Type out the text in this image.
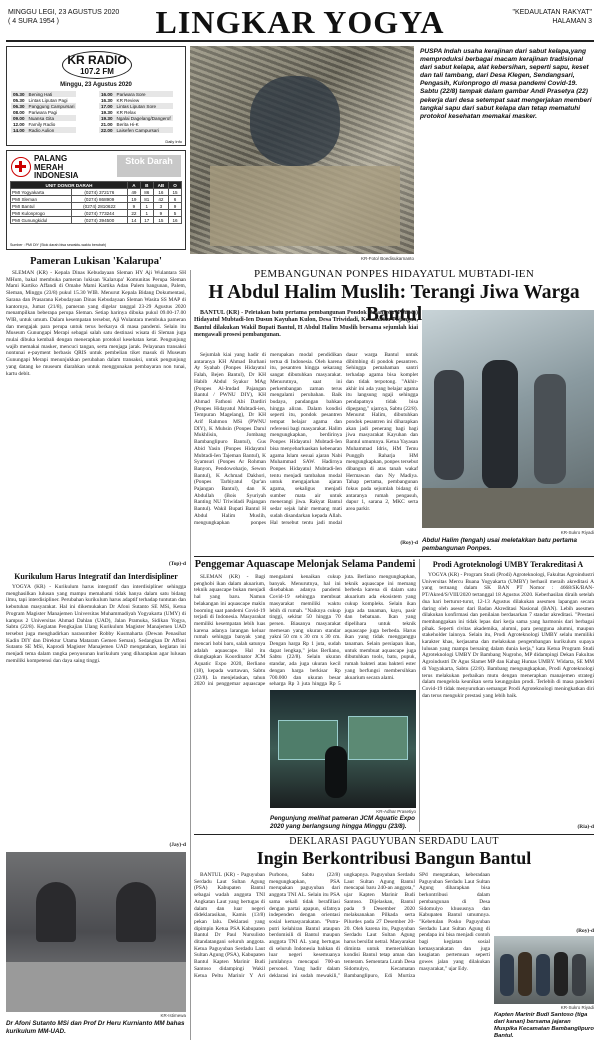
MINGGU LEGI, 23 AGUSTUS 2020
( 4 SURA 1954 )	LINGKAR YOGYA	"KEDAULATAN RAKYAT"
HALAMAN 3
KR RADIO
107.2 FM
Minggu, 23 Agustus 2020
05.30	Bening Hati
05.30	Lintas Liputan Pagi
06.30	Panggung Campursari
08.00	Pariwara Pagi
09.00	Nuansa Gita
12.00	Family Radio
14.00	Radio Aulion
16.00	Pariwara Sore
16.30	KR Review
17.00	Lintas Liputan Sore
19.30	KR Relax
19.30	Ngalai Dagelang/Dangerof
21.00	Berita Hi-K
22.00	Laisefen Campursari
Daily Info
PALANG
MERAH
INDONESIA
Stok Darah
UNIT DONOR DARAH		A	B	AB	O
PMI Yogyakarta	(0274) 372176	49	86	16	15
PMI Sleman	(0274) 868909	19	81	42	6
PMI Bantul	(0274) 2810622	9	1	3	9
PMI Kulonprogo	(0274) 773244	22	1	9	5
PMI Gunungkidul	(0274) 394500	14	17	15	16
Sumber : PMI DIY (Stok darah bisa sewaktu-waktu berubah)
KR-Foto/ Boedisukarnanto
PUSPA Indah usaha kerajinan dari sabut kelapa,yang memproduksi berbagai macam kerajinan tradisional dari sabut kelapa, alat kebersihan, seperti sapu, keset dan tali tambang, dari Desa Klegen, Sendangsari, Pengasih, Kulonprogo di masa pandemi Covid-19. Sabtu (22/8) tampak dalam gambar Andi Prasetya (22) pekerja dari desa setempat saat mengerjakan memberi tangkai sapu dari sabut kelapa dan tetap mematuhi protokol kesehatan memakai masker.
Pameran Lukisan 'Kalarupa'

SLEMAN (KR) - Kepala Dinas Kebudayaan Sleman HY Aji Wulantara SH MHum, bakal membuka pameran lukisan 'Kalarupa' Komunitas Perupa Sleman Mami Kartiko Affandi di Omahe Mami Kartika Adan Palem bangunan, Palem, Sleman, Minggu (23/8) pukul 15.30 WIB. Menurut Kepala Bidang Dokumentasi, Sarana dan Prasarana Kebudayaan Dinas Kebudayaan Sleman Wasita SS MAP di kantornya, Jumat (21/8), pameran yang digelar tanggal 23-29 Agustus 2020 menampilkan beberapa perupa Sleman. Setiap harinya dibuka pukul 09.00-17.00 WIB, untuk umum. Dalam kesempatan tersebut, Aji Wulantara membuka pameran dan mengajak para perupa untuk terus berkarya di masa pandemi. Selain itu Museum Gunungapi Merapi sebagai salah satu destinasi wisata di Sleman juga mulai dibuka kembali dengan menerapkan protokol kesehatan ketat. Pengunjung wajib memakai masker, mencuci tangan, serta menjaga jarak. Pelayanan transaksi nontunai e-payment berbasis QRIS untuk pembelian tiket masuk di Museum Gunungapi Merapi menunjukkan perubahan dalam transaksi, untuk pengunjung yang datang ke museum diarahkan untuk menggunakan pembayaran non tunai, kartu debit.

(Top)-d
Kurikulum Harus Integratif dan Interdisipliner

YOGYA (KR) - Kurikulum harus integratif dan interdisipliner sehingga menghasilkan lulusan yang mampu memahami tidak hanya dalam satu bidang ilmu, tapi interdisipliner. Perubahan kurikulum harus adaptif terhadap tuntutan dan kebutuhan masyarakat. Hal ini dikemukakan Dr Afoni Sutanto SE MSi, Ketua Program Magister Manajemen Universitas Muhammadiyah Yogyakarta (UMY) di kampus 2 Universitas Ahmad Dahlan (UAD), Jalan Pramuka, Sidikan Yogya, Sabtu (22/8). Kegiatan Pengkajian Ulang Kurikulum Magister Manajemen UAD tersebut juga menghadirkan narasumber Robby Kusmaharta (Dewan Penasihat Kadin DIY dan Direktur Utama Mataram Gemen Seman). Sedangkan Dr Affoni Sutanto SE MSi, Kaprodi Magister Manajemen UAD mengatakan, kegiatan ini menjadi tema dalam rangka penyusunan kurikulum yang diharapkan agar lulusan memiliki kompetensi dan daya saing tinggi.

(Jay)-d
KR-Istimewa
Dr Afoni Sutanto MSi dan Prof Dr Heru Kurnianto MM bahas kurikulum MM-UAD.
PEMBANGUNAN PONPES HIDAYATUL MUBTADI-IEN
H Abdul Halim Muslih: Terangi Jiwa Warga Bantul

BANTUL (KR) - Peletakan batu pertama pembangunan Pondok Pesantren (Ponpes) Hidayatul Mubtadi-Ien Dusun Kayuhan Kulon, Desa Triwidadi, Kecamatan Pajangan, Bantul dilakukan Wakil Bupati Bantul, H Abdul Halim Muslih bersama sejumlah kiai mengawali prosesi pembangunan.

Sejumlah kiai yang hadir di antaranya KH Ahmad Burhani Ay Syahab (Ponpes Hidayatul Falah, Bejen Bantul), Dr KH Habib Abdul Syakur MAg (Ponpes Al-Imdad Pajangan Bantul / PWNU DIY), KH Ahmad Fathoni Abi Dardiri (Ponpes Hidayatul Mubtadi-ien, Tempuran Magelang), Dr KH Arif Rahmon MSi (PWNU DIY), K Muhsin (Ponpes Darul Mukhlisin, Jombang Bambanglipuro Bantul), Gus Abid Yasin (Ponpes Hidayatul Mubtadi-Ien Tajeman Bantul), K Syamsuri (Ponpes Ar Rohman Banyon, Pendowoharjo, Sewon Bantul), K Achmad Dakhori, (Ponpes Tarbiyatul Qur'an Pajangan Bantul), dan K Abdullah (Bois Syuriyah Ranting NU Triwidadi Pajangan Bantul). Wakil Bupati Bantul H Abdul Halim Muslih, mengungkapkan ponpes merupakan modal pendidikan tertua di Indonesia. Oleh karena itu, pesantren hingga sekarang sangat dibutuhkan masyarakat. Menurutnya, saat ini perkembangan zaman terus mengalami perubahan. Baik budaya, pandangan bahkan hingga aliran. Dalam kondisi seperti itu, pondok pesantren tempat belajar agama dan referensi bagi masyarakat. Halim mengungkapkan, berdirinya Ponpes Hidayatul Mubtadi-Ien bisa menyebarluaskan kebenaran agama Islam sesuai ajaran Nabi Muhammad SAW. Hadirnya Ponpes Hidayatul Mubtadi-Ien tentu menjadi tambahan modal untuk mengajarkan ajaran agama, sekaligus menjadi sumber mata air untuk menerangi jiwa. Rakyat Bantul sedar sejak lahir memang mati sudah disandarkan kepada Allah. Hal tersebut tentu jadi modal dasar warga Bantul untuk dibimbing di pondok pesantren. Sehingga pemahaman santri terhadap agama bisa komplet dan tidak terpotong. "Akhir-akhir ini ada yang belajar agama itu langsung ngaji sehingga pendapatnya tidak bisa dipegang," ujarnya, Sabtu (22/8). Menurut Halim, dibutuhkan pondok pesantren ini diharapkan akan jadi penerang bagi bagi jiwa masyarakat Kayuhan dan Bantul umumnya. Ketua Yayasan Muhammad Idris, HM Temu Punggih Raharja HM mengungkapkan, ponpes tersebut dibangun di atas tanah wakaf Hermawan dan Ny Madiya. Tahap pertama, pembangunan fokus pada sejumlah bidang di antaranya rumah pengasuh, dapur 1, sarana 2, MKC serta area parkir.

(Roy)-d
KR-Sukro Riyadi
Abdul Halim (tengah) usai meletakkan batu pertama pembangunan Ponpes.
Penggemar Aquascape Melonjak Selama Pandemi

SLEMAN (KR) - Bagi penghobi ikan dalam akuarium, teknik aquascape bukan menjadi hal yang baru. Namun belakangan ini aquascape makin booming saat pandemi Covid-19 terjadi di Indonesia. Masyarakat memiliki kesempatan lebih luas karena adanya larangan keluar rumah sehingga banyak yang mencari hobi baru, salah satunya adalah aquascape. Hal itu diungkapkan Koordinator JCM Aquatic Expo 2020, Berliano (18), kepada wartawan, Sabtu (22/8). Ia menjelaskan, tahun 2020 ini penggemar aquascape mengalami kenaikan cukup banyak. Menurutnya, hal ini disebabkan adanya pandemi Covid-19 sehingga membuat masyarakat memiliki waktu lebih di rumah. "Naiknya cukup tinggi, sekitar 50 hingga 70 persen. Biasanya masyarakat memesan yang ukuran standar yakni 50 cm x 30 cm x 30 cm. Dengan harga Rp 1 juta, sudah dapat lengkap," jelas Berliano, Sabtu (22/8). Selain ukuran standar, ada juga ukuran kecil dengan harga berkisar Rp 700.000 dan ukuran besar seharga Rp 3 juta hingga Rp 5 juta. Berliano mengungkapkan, teknik aquascape ini memang berbeda karena di dalam satu akuarium ada ekosistem yang cukup kompleks. Selain ikan juga ada tanaman, kayu, pasir dan bebatuan. Ikan yang dipelihara untuk teknik aquascape juga berbeda. Harus ikan yang tidak mengganggu tanaman. Selain persiapan ikan, untuk membuat aquascape juga dibutuhkan tools, batu, pupuk, rumah bakteri atau bakteri ester yang berfungsi membersihkan akuarium secara alami.

KR-Adhar Prasetiyo
Pengunjung melihat pameran JCM Aquatic Expo 2020 yang berlangsung hingga Minggu (23/8).
Prodi Agroteknologi UMBY Terakreditasi A

YOGYA (KR) - Program Studi (Prodi) Agroteknologi, Fakultas Agroindustri Universitas Mercu Buana Yogyakarta (UMBY) berhasil meraih akreditasi A yang tertuang dalam SK BAN PT Nomor : 4668/SK/BAN-PT/Akred/S/VIII/2020 tertanggal 18 Agustus 2020. Keberhasilan diraih setelah dua hari berturut-turut, 12-13 Agustus dilakukan asesmen lapangan secara daring oleh asesor dari Badan Akreditasi Nasional (BAN). Lebih asesmen dilakukan konfirmasi dan penilaian berdasarkan 7 standar akreditasi. "Prestasi membanggakan ini tidak lepas dari kerja sama yang harmonis dari berbagai pihak. Seperti civitas akademika, alumni, para pengguna alumni, maupun stakeholder lainnya. Selain itu, Prodi Agroteknologi UMBY selalu memiliki karakter khas, kerjasama dan melakukan pengembangan kurikulum supaya lulusan yang mampu bersaing dalam dunia kerja," kata Ketua Program Studi Agroteknologi UMBY Dr Bambang Nugroho, MP didampingi Dekan Fakultas Agroindustri Dr Agus Slamet MP dan Kahag Humas UMBY. Widarta, SE MM di Yogyakarta, Sabtu (22/8). Bambang mengungkapkan, Prodi Agroteknologi terus melakukan perbaikan mutu dengan menerapkan manajemen strategi dalam mengelola keunikan serta keunggulan prodi. Terlebih di masa pandemi Covid-19 tidak menyurutkan semangat Prodi Agroteknologi meningkatkan diri dan terus mengukir prestasi yang lebih baik.

(Ria)-d
DEKLARASI PAGUYUBAN SERDADU LAUT
Ingin Berkontribusi Bangun Bantul

BANTUL (KR) - Paguyuban Serdadu Laut Sultan Agung (PSA) Kabupaten Bantul sebagai wadah anggota TNI Angkatan Laut yang bertugas di dalam dan luar negeri dideklarasikan, Kamis (13/8) pekan lalu. Deklarasi yang dipimpin Ketua PSA Kabupaten Bantul Dr Paul Nursulisto ditandatangani seluruh anggota. Ketua Paguyuban Serdadu Laut Sultan Agung (PSA), Kabupaten Bantul Kapten Marinir Budi Santoso didampingi Wakil Ketua Peltu Marinir Y Ari Purbono, Sabtu (22/8) mengungkapkan, PSA merupakan paguyuban dari anggota TNI AL. Selain itu PSA sama sekali tidak berafiliasi dengan partai apapun, sifatnya independen dengan orientasi sosial kemasyarakatan. "Putra-putri kelahiran Bantul ataupun berdomisili di Bantul maupun anggota TNI AL yang bertugas di seluruh Indonesia bahkan di luar negeri kesemuanya jumlahnya mencapai 700-an personel. Yang hadir dalam deklarasi ini sudah mewakili," ungkapnya. Paguyuban Serdadu Laut Sultan Agung Bantul mencapai baru 240-an anggota," ujar Kapten Marinir Budi Santoso. Dijelaskan, Bantul pada 9 Desember 2020 melaksanakan Pilkada serta Pilurdes pada 27 Desember 20-20. Oleh karena itu, Paguyuban Serdadu Laut Sultan Agung harus bersifat netral. Masyarakat diminta untuk memeriahkan kondisi Bantul tetap aman dan tenteram. Sementara Lurah Desa Sidomulyo, Kecamatan Bambanglipuro, Edi Murtiza SPd mengatakan, keberadaan Paguyuban Serdadu Laut Sultan Agung diharapkan bisa berkontribusi dalam pembangunan di Desa Sidomulyo khususnya dan Kabupaten Bantul umumnya. "Kebetulan Posko Paguyuban Serdadu Laut Sultan Agung di pendapa ini bisa menjadi contoh bagi kegiatan sosial kemasyarakatan dan juga keagiatan pertemuan seperti gowes jalan yang dilakukan masyarakat," ujar Edy.

(Roy)-d
KR-Sukro Riyadi
Kapten Marinir Budi Santoso (tiga dari kanan) bersama jajaran Muspika Kecamatan Bambanglipuro Bantul.
